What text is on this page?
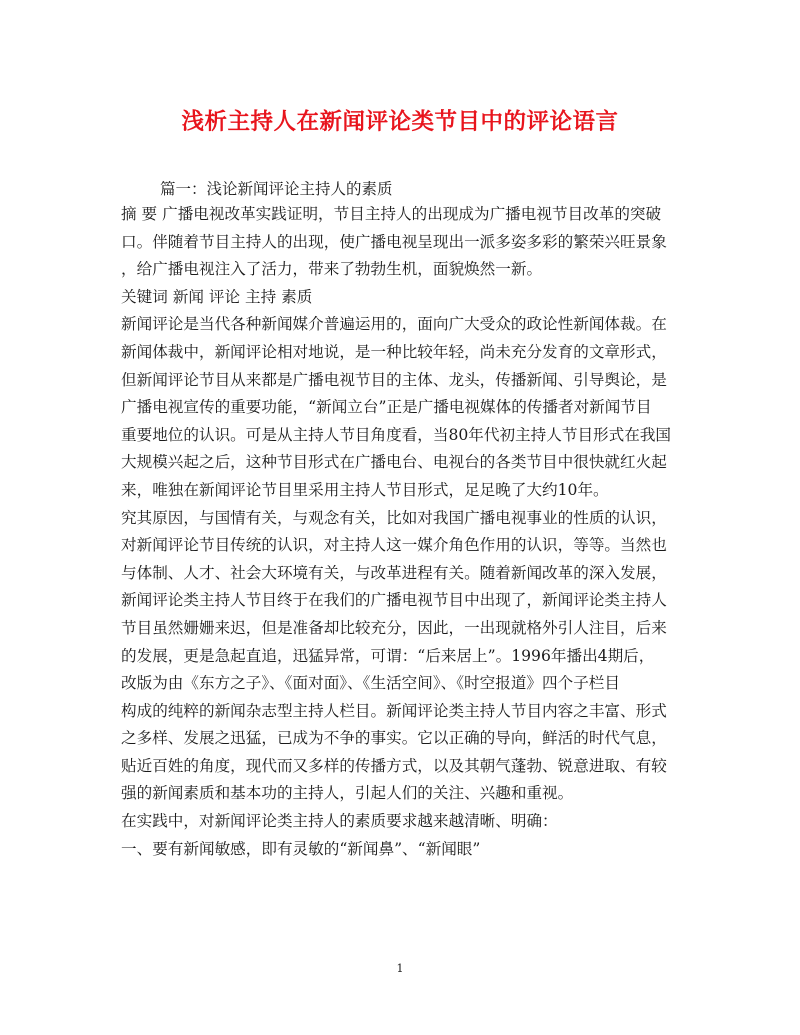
浅析主持人在新闻评论类节目中的评论语言
篇一：浅论新闻评论主持人的素质
摘 要 广播电视改革实践证明，节目主持人的出现成为广播电视节目改革的突破
口。伴随着节目主持人的出现，使广播电视呈现出一派多姿多彩的繁荣兴旺景象
，给广播电视注入了活力，带来了勃勃生机，面貌焕然一新。
关键词 新闻 评论 主持 素质
新闻评论是当代各种新闻媒介普遍运用的，面向广大受众的政论性新闻体裁。在
新闻体裁中，新闻评论相对地说，是一种比较年轻，尚未充分发育的文章形式，
但新闻评论节目从来都是广播电视节目的主体、龙头，传播新闻、引导舆论，是
广播电视宣传的重要功能，“新闻立台”正是广播电视媒体的传播者对新闻节目
重要地位的认识。可是从主持人节目角度看，当80年代初主持人节目形式在我国
大规模兴起之后，这种节目形式在广播电台、电视台的各类节目中很快就红火起
来，唯独在新闻评论节目里采用主持人节目形式，足足晚了大约10年。
究其原因，与国情有关，与观念有关，比如对我国广播电视事业的性质的认识，
对新闻评论节目传统的认识，对主持人这一媒介角色作用的认识，等等。当然也
与体制、人才、社会大环境有关，与改革进程有关。随着新闻改革的深入发展，
新闻评论类主持人节目终于在我们的广播电视节目中出现了，新闻评论类主持人
节目虽然姗姗来迟，但是准备却比较充分，因此，一出现就格外引人注目，后来
的发展，更是急起直追，迅猛异常，可谓：“后来居上”。1996年播出4期后，
改版为由《东方之子》、《面对面》、《生活空间》、《时空报道》四个子栏目
构成的纯粹的新闻杂志型主持人栏目。新闻评论类主持人节目内容之丰富、形式
之多样、发展之迅猛，已成为不争的事实。它以正确的导向，鲜活的时代气息，
贴近百姓的角度，现代而又多样的传播方式，以及其朝气蓬勃、锐意进取、有较
强的新闻素质和基本功的主持人，引起人们的关注、兴趣和重视。
在实践中，对新闻评论类主持人的素质要求越来越清晰、明确：
一、要有新闻敏感，即有灵敏的“新闻鼻”、“新闻眼”
1
